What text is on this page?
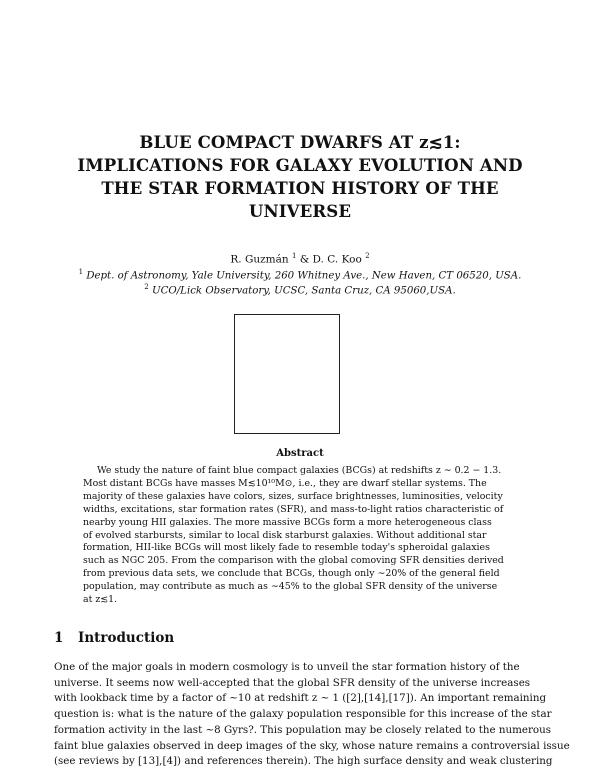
BLUE COMPACT DWARFS AT z≲1:
IMPLICATIONS FOR GALAXY EVOLUTION AND
THE STAR FORMATION HISTORY OF THE
UNIVERSE
R. Guzmán $^1$ & D. C. Koo $^2$
$^1$ Dept. of Astronomy, Yale University, 260 Whitney Ave., New Haven, CT 06520, USA.
$^2$ UCO/Lick Observatory, UCSC, Santa Cruz, CA 95060,USA.
Abstract
We study the nature of faint blue compact galaxies (BCGs) at redshifts z ∼ 0.2 − 1.3.
Most distant BCGs have masses M≲10¹⁰M⊙, i.e., they are dwarf stellar systems. The
majority of these galaxies have colors, sizes, surface brightnesses, luminosities, velocity
widths, excitations, star formation rates (SFR), and mass-to-light ratios characteristic of
nearby young HII galaxies. The more massive BCGs form a more heterogeneous class
of evolved starbursts, similar to local disk starburst galaxies. Without additional star
formation, HII-like BCGs will most likely fade to resemble today's spheroidal galaxies
such as NGC 205. From the comparison with the global comoving SFR densities derived
from previous data sets, we conclude that BCGs, though only ∼20% of the general field
population, may contribute as much as ∼45% to the global SFR density of the universe
at z≲1.
1 Introduction
One of the major goals in modern cosmology is to unveil the star formation history of the
universe. It seems now well-accepted that the global SFR density of the universe increases
with lookback time by a factor of ∼10 at redshift z ∼ 1 ([2],[14],[17]). An important remaining
question is: what is the nature of the galaxy population responsible for this increase of the star
formation activity in the last ∼8 Gyrs?. This population may be closely related to the numerous
faint blue galaxies observed in deep images of the sky, whose nature remains a controversial issue
(see reviews by [13],[4]) and references therein). The high surface density and weak clustering
